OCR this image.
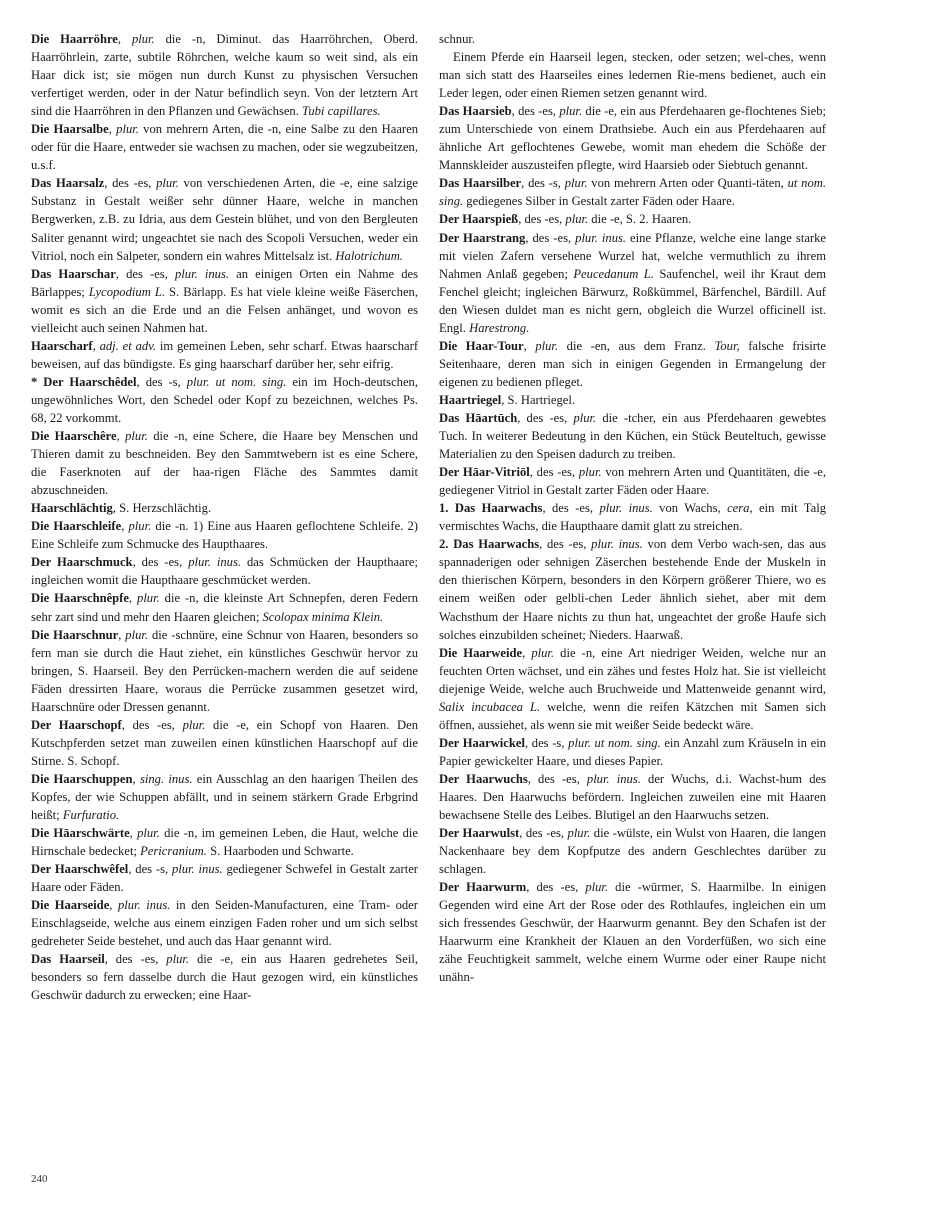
Die Haarröhre, plur. die -n, Diminut. das Haarröhrchen, Oberd. Haarröhrlein, zarte, subtile Röhrchen, welche kaum so weit sind, als ein Haar dick ist; sie mögen nun durch Kunst zu physischen Versuchen verfertiget werden, oder in der Natur befindlich seyn. Von der letztern Art sind die Haarröhren in den Pflanzen und Gewächsen. Tubi capillares.

Die Haarsalbe, plur. von mehrern Arten, die -n, eine Salbe zu den Haaren oder für die Haare, entweder sie wachsen zu machen, oder sie wegzubeitzen, u.s.f.

Das Haarsalz, des -es, plur. von verschiedenen Arten, die -e, eine salzige Substanz in Gestalt weißer sehr dünner Haare, welche in manchen Bergwerken, z.B. zu Idria, aus dem Gestein blühet, und von den Bergleuten Saliter genannt wird; ungeachtet sie nach des Scopoli Versuchen, weder ein Vitriol, noch ein Salpeter, sondern ein wahres Mittelsalz ist. Halotrichum.

Das Haarschar, des -es, plur. inus. an einigen Orten ein Nahme des Bärlappes; Lycopodium L. S. Bärlapp. Es hat viele kleine weiße Fäserchen, womit es sich an die Erde und an die Felsen anhänget, und wovon es vielleicht auch seinen Nahmen hat.

Haarscharf, adj. et adv. im gemeinen Leben, sehr scharf. Etwas haarscharf beweisen, auf das bündigste. Es ging haarscharf darüber her, sehr eifrig.

* Der Haarschêdel, des -s, plur. ut nom. sing. ein im Hoch-deutschen, ungewöhnliches Wort, den Schedel oder Kopf zu bezeichnen, welches Ps. 68, 22 vorkommt.

Die Haarschêre, plur. die -n, eine Schere, die Haare bey Menschen und Thieren damit zu beschneiden. Bey den Sammtwebern ist es eine Schere, die Faserknoten auf der haa-rigen Fläche des Sammtes damit abzuschneiden.

Haarschlächtig, S. Herzschlächtig.

Die Haarschleife, plur. die -n. 1) Eine aus Haaren geflochtene Schleife. 2) Eine Schleife zum Schmucke des Haupthaares.

Der Haarschmuck, des -es, plur. inus. das Schmücken der Haupthaare; ingleichen womit die Haupthaare geschmücket werden.

Die Haarschnêpfe, plur. die -n, die kleinste Art Schnepfen, deren Federn sehr zart sind und mehr den Haaren gleichen; Scolopax minima Klein.

Die Haarschnur, plur. die -schnüre, eine Schnur von Haaren, besonders so fern man sie durch die Haut ziehet, ein künstliches Geschwür hervor zu bringen, S. Haarseil. Bey den Perrücken-machern werden die auf seidene Fäden dressirten Haare, woraus die Perrücke zusammen gesetzet wird, Haarschnüre oder Dressen genannt.

Der Haarschopf, des -es, plur. die -e, ein Schopf von Haaren. Den Kutschpferden setzet man zuweilen einen künstlichen Haarschopf auf die Stirne. S. Schopf.

Die Haarschuppen, sing. inus. ein Ausschlag an den haarigen Theilen des Kopfes, der wie Schuppen abfällt, und in seinem stärkern Grade Erbgrind heißt; Furfuratio.

Die Hāarschwärte, plur. die -n, im gemeinen Leben, die Haut, welche die Hirnschale bedecket; Pericranium. S. Haarboden und Schwarte.

Der Haarschwêfel, des -s, plur. inus. gediegener Schwefel in Gestalt zarter Haare oder Fäden.

Die Haarseide, plur. inus. in den Seiden-Manufacturen, eine Tram- oder Einschlagseide, welche aus einem einzigen Faden roher und um sich selbst gedreheter Seide bestehet, und auch das Haar genannt wird.

Das Haarseil, des -es, plur. die -e, ein aus Haaren gedrehetes Seil, besonders so fern dasselbe durch die Haut gezogen wird, ein künstliches Geschwür dadurch zu erwecken; eine Haar-

schnur.

Einem Pferde ein Haarseil legen, stecken, oder setzen; wel-ches, wenn man sich statt des Haarseiles eines ledernen Rie-mens bedienet, auch ein Leder legen, oder einen Riemen setzen genannt wird.

Das Haarsieb, des -es, plur. die -e, ein aus Pferdehaaren ge-flochtenes Sieb; zum Unterschiede von einem Drathsiebe. Auch ein aus Pferdehaaren auf ähnliche Art geflochtenes Gewebe, womit man ehedem die Schöße der Mannskleider auszusteifen pflegte, wird Haarsieb oder Siebtuch genannt.

Das Haarsilber, des -s, plur. von mehrern Arten oder Quanti-täten, ut nom. sing. gediegenes Silber in Gestalt zarter Fäden oder Haare.

Der Haarspieß, des -es, plur. die -e, S. 2. Haaren.

Der Haarstrang, des -es, plur. inus. eine Pflanze, welche eine lange starke mit vielen Zafern versehene Wurzel hat, welche vermuthlich zu ihrem Nahmen Anlaß gegeben; Peucedanum L. Saufenchel, weil ihr Kraut dem Fenchel gleicht; ingleichen Bärwurz, Roßkümmel, Bärfenchel, Bärdill. Auf den Wiesen duldet man es nicht gern, obgleich die Wurzel officinell ist. Engl. Harestrong.

Die Haar-Tour, plur. die -en, aus dem Franz. Tour, falsche frisirte Seitenhaare, deren man sich in einigen Gegenden in Ermangelung der eigenen zu bedienen pfleget.

Haartriegel, S. Hartriegel.

Das Hāartūch, des -es, plur. die -tcher, ein aus Pferdehaaren gewebtes Tuch. In weiterer Bedeutung in den Küchen, ein Stück Beuteltuch, gewisse Materialien zu den Speisen dadurch zu treiben.

Der Hāar-Vitriōl, des -es, plur. von mehrern Arten und Quantitäten, die -e, gediegener Vitriol in Gestalt zarter Fäden oder Haare.

1. Das Haarwachs, des -es, plur. inus. von Wachs, cera, ein mit Talg vermischtes Wachs, die Haupthaare damit glatt zu streichen.

2. Das Haarwachs, des -es, plur. inus. von dem Verbo wach-sen, das aus spannaderigen oder sehnigen Zäserchen bestehende Ende der Muskeln in den thierischen Körpern, besonders in den Körpern größerer Thiere, wo es einem weißen oder gelbli-chen Leder ähnlich siehet, aber mit dem Wachsthum der Haare nichts zu thun hat, ungeachtet der große Haufe sich solches einzubilden scheinet; Nieders. Haarwaß.

Die Haarweide, plur. die -n, eine Art niedriger Weiden, welche nur an feuchten Orten wächset, und ein zähes und festes Holz hat. Sie ist vielleicht diejenige Weide, welche auch Bruchweide und Mattenweide genannt wird, Salix incubacea L. welche, wenn die reifen Kätzchen mit Samen sich öffnen, aussiehet, als wenn sie mit weißer Seide bedeckt wäre.

Der Haarwickel, des -s, plur. ut nom. sing. ein Anzahl zum Kräuseln in ein Papier gewickelter Haare, und dieses Papier.

Der Haarwuchs, des -es, plur. inus. der Wuchs, d.i. Wachst-hum des Haares. Den Haarwuchs befördern. Ingleichen zuweilen eine mit Haaren bewachsene Stelle des Leibes. Blutigel an den Haarwuchs setzen.

Der Haarwulst, des -es, plur. die -wülste, ein Wulst von Haaren, die langen Nackenhaare bey dem Kopfputze des andern Geschlechtes darüber zu schlagen.

Der Haarwurm, des -es, plur. die -würmer, S. Haarmilbe. In einigen Gegenden wird eine Art der Rose oder des Rothlaufes, ingleichen ein um sich fressendes Geschwür, der Haarwurm genannt. Bey den Schafen ist der Haarwurm eine Krankheit der Klauen an den Vorderfüßen, wo sich eine zähe Feuchtigkeit sammelt, welche einem Wurme oder einer Raupe nicht unähn-

240
